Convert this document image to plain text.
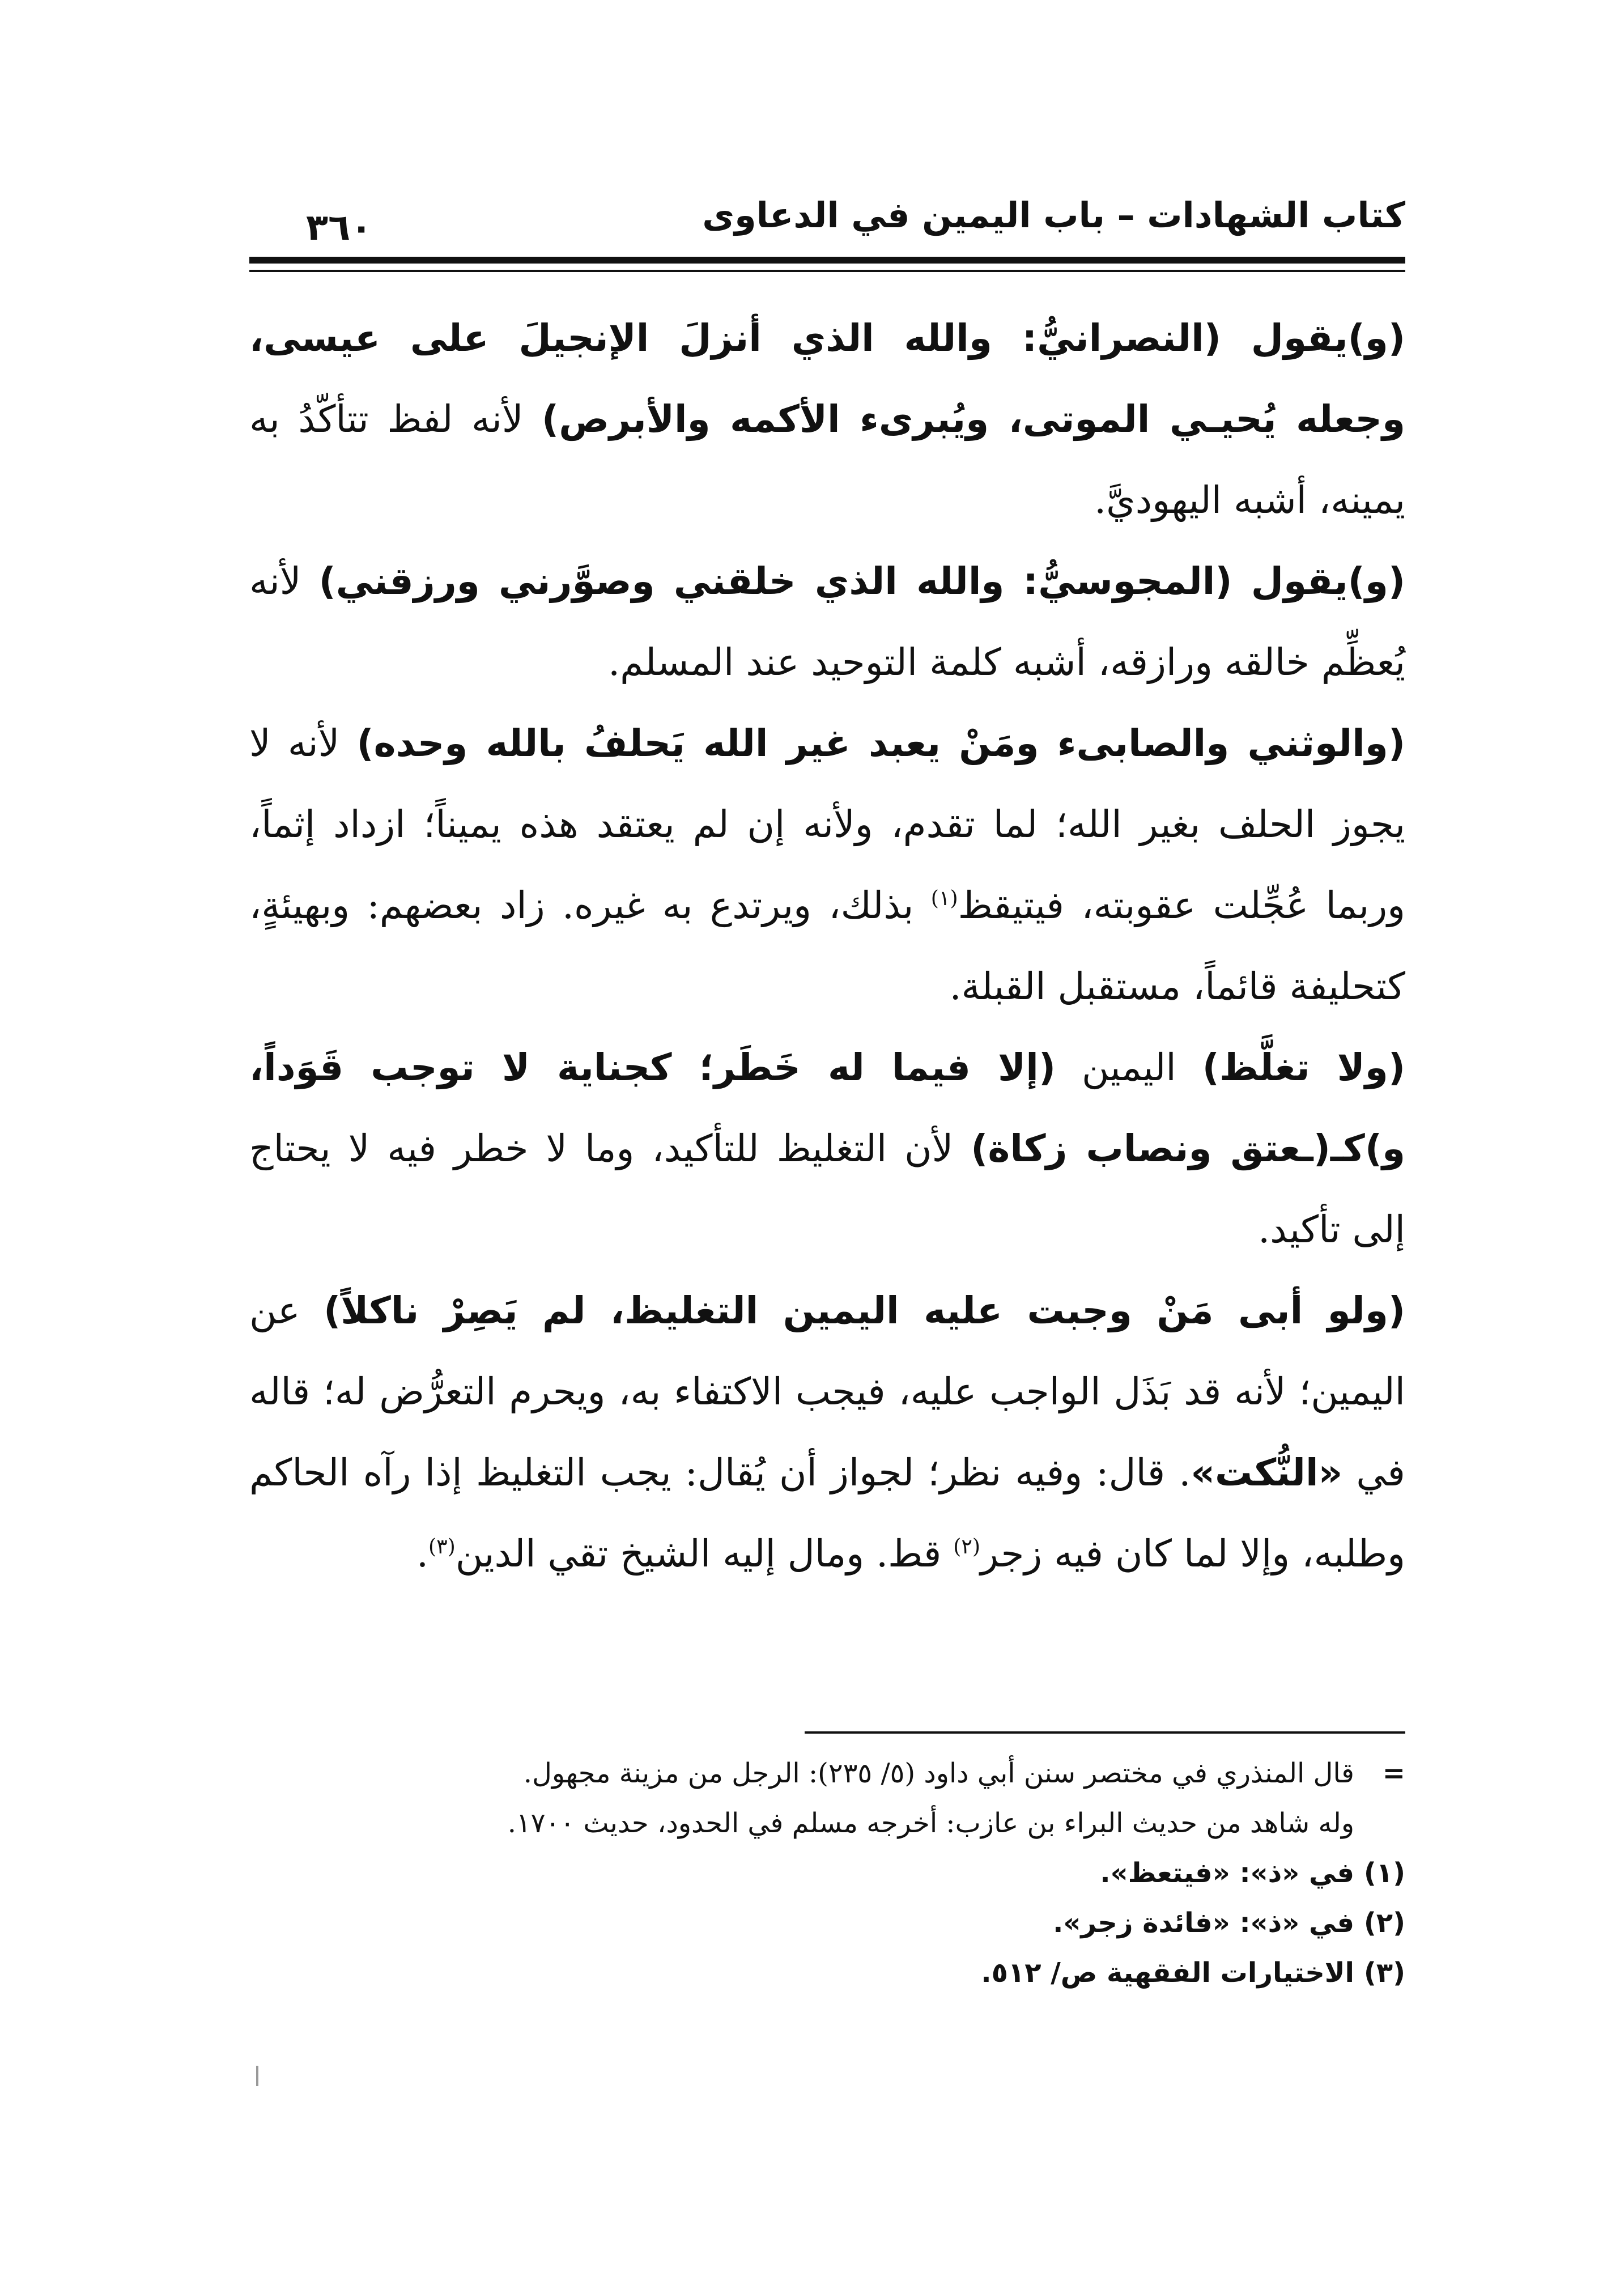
كتاب الشهادات – باب اليمين في الدعاوى
٣٦٠

(و)يقول (النصرانيُّ: والله الذي أنزلَ الإنجيلَ على عيسى، وجعله يُحيـي الموتى، ويُبرىء الأكمه والأبرص) لأنه لفظ تتأكّدُ به يمينه، أشبه اليهوديَّ.

(و)يقول (المجوسيُّ: والله الذي خلقني وصوَّرني ورزقني) لأنه يُعظِّم خالقه ورازقه، أشبه كلمة التوحيد عند المسلم.

(والوثني والصابىء ومَنْ يعبد غير الله يَحلفُ بالله وحده) لأنه لا يجوز الحلف بغير الله؛ لما تقدم، ولأنه إن لم يعتقد هذه يميناً؛ ازداد إثماً، وربما عُجِّلت عقوبته، فيتيقظ$^{(١)}$ بذلك، ويرتدع به غيره. زاد بعضهم: وبهيئةٍ، كتحليفة قائماً، مستقبل القبلة.

(ولا تغلَّظ) اليمين (إلا فيما له خَطَر؛ كجناية لا توجب قَوَداً، و)كـ(ـعتق ونصاب زكاة) لأن التغليظ للتأكيد، وما لا خطر فيه لا يحتاج إلى تأكيد.

(ولو أبى مَنْ وجبت عليه اليمين التغليظ، لم يَصِرْ ناكلاً) عن اليمين؛ لأنه قد بَذَل الواجب عليه، فيجب الاكتفاء به، ويحرم التعرُّض له؛ قاله في «النُّكت». قال: وفيه نظر؛ لجواز أن يُقال: يجب التغليظ إذا رآه الحاكم وطلبه، وإلا لما كان فيه زجر$^{(٢)}$ قط. ومال إليه الشيخ تقي الدين$^{(٣)}$.

=قال المنذري في مختصر سنن أبي داود (٥/ ٢٣٥): الرجل من مزينة مجهول.

وله شاهد من حديث البراء بن عازب: أخرجه مسلم في الحدود، حديث ١٧٠٠.

(١)في «ذ»: «فيتعظ».

(٢)في «ذ»: «فائدة زجر».

(٣)الاختيارات الفقهية ص/ ٥١٢.
